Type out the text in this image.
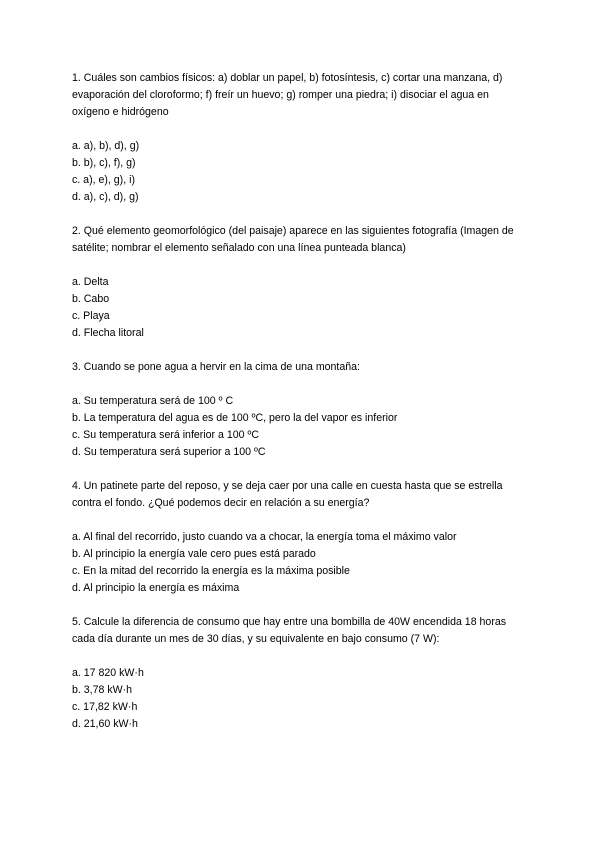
1. Cuáles son cambios físicos: a) doblar un papel, b) fotosíntesis, c) cortar una manzana, d) evaporación del cloroformo; f) freír un huevo; g) romper una piedra; i) disociar el agua en oxígeno e hidrógeno

a. a), b), d), g)
b. b), c), f), g)
c. a), e), g), i)
d. a), c), d), g)

2. Qué elemento geomorfológico (del paisaje) aparece en las siguientes fotografía (Imagen de satélite; nombrar el elemento señalado con una línea punteada blanca)

a. Delta
b. Cabo
c. Playa
d. Flecha litoral

3. Cuando se pone agua a hervir en la cima de una montaña:

a. Su temperatura será de 100 º C
b. La temperatura del agua es de 100 ºC, pero la del vapor es inferior
c. Su temperatura será inferior a 100 ºC
d. Su temperatura será superior a 100 ºC

4. Un patinete parte del reposo, y se deja caer por una calle en cuesta hasta que se estrella contra el fondo. ¿Qué podemos decir en relación a su energía?

a. Al final del recorrido, justo cuando va a chocar, la energía toma el máximo valor
b. Al principio la energía vale cero pues está parado
c. En la mitad del recorrido la energía es la máxima posible
d. Al principio la energía es máxima

5. Calcule la diferencia de consumo que hay entre una bombilla de 40W encendida 18 horas cada día durante un mes de 30 días, y su equivalente en bajo consumo (7 W):

a. 17 820 kW·h
b. 3,78 kW·h
c. 17,82 kW·h
d. 21,60 kW·h
